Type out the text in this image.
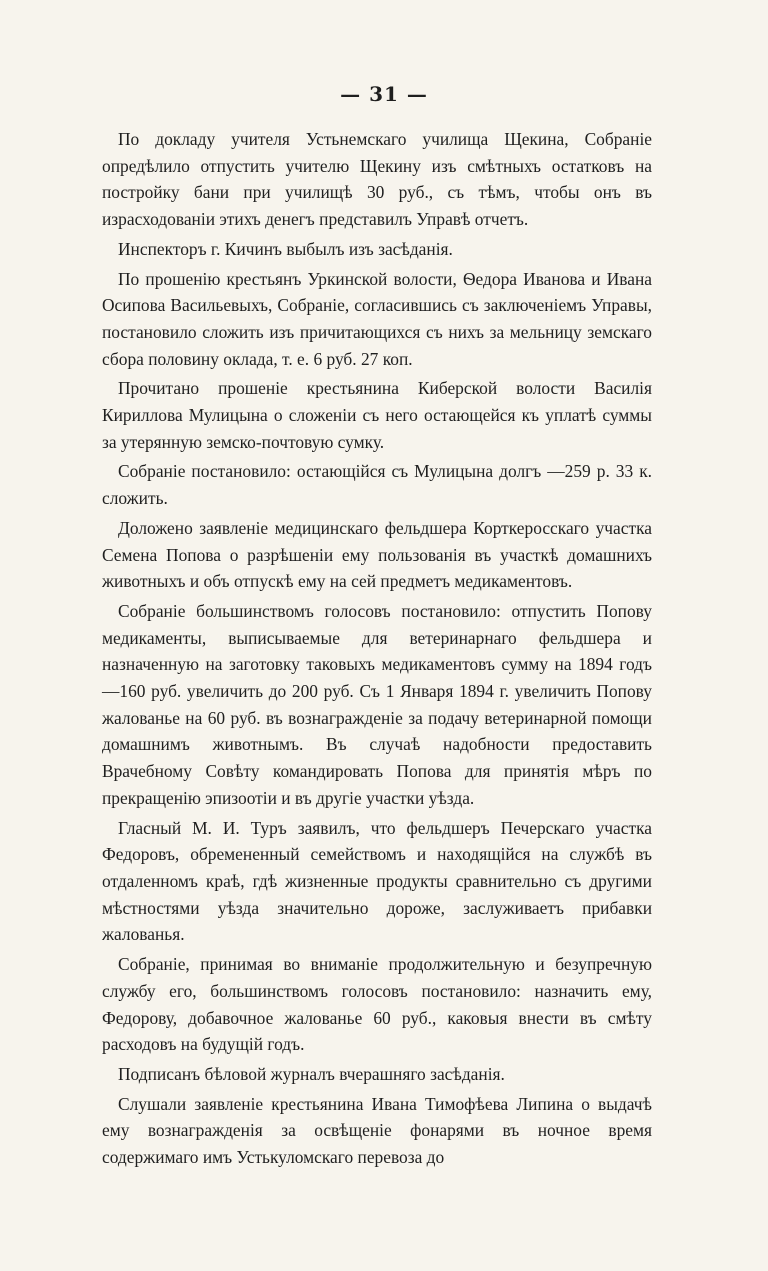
— 31 —

По докладу учителя Устьнемскаго училища Щекина, Собраніе опредѣлило отпустить учителю Щекину изъ смѣтныхъ остатковъ на постройку бани при училищѣ 30 руб., съ тѣмъ, чтобы онъ въ израсходованіи этихъ денегъ представилъ Управѣ отчетъ.

Инспекторъ г. Кичинъ выбылъ изъ засѣданія.

По прошенію крестьянъ Уркинской волости, Ѳедора Иванова и Ивана Осипова Васильевыхъ, Собраніе, согласившись съ заключеніемъ Управы, постановило сложить изъ причитающихся съ нихъ за мельницу земскаго сбора половину оклада, т. е. 6 руб. 27 коп.

Прочитано прошеніе крестьянина Киберской волости Василія Кириллова Мулицына о сложеніи съ него остающейся къ уплатѣ суммы за утерянную земско-почтовую сумку.

Собраніе постановило: остающійся съ Мулицына долгъ —259 р. 33 к. сложить.

Доложено заявленіе медицинскаго фельдшера Корткеросскаго участка Семена Попова о разрѣшеніи ему пользованія въ участкѣ домашнихъ животныхъ и объ отпускѣ ему на сей предметъ медикаментовъ.

Собраніе большинствомъ голосовъ постановило: отпустить Попову медикаменты, выписываемые для ветеринарнаго фельдшера и назначенную на заготовку таковыхъ медикаментовъ сумму на 1894 годъ—160 руб. увеличить до 200 руб. Съ 1 Января 1894 г. увеличить Попову жалованье на 60 руб. въ вознагражденіе за подачу ветеринарной помощи домашнимъ животнымъ. Въ случаѣ надобности предоставить Врачебному Совѣту командировать Попова для принятія мѣръ по прекращенію эпизоотіи и въ другіе участки уѣзда.

Гласный М. И. Туръ заявилъ, что фельдшеръ Печерскаго участка Федоровъ, обремененный семействомъ и находящійся на службѣ въ отдаленномъ краѣ, гдѣ жизненные продукты сравнительно съ другими мѣстностями уѣзда значительно дороже, заслуживаетъ прибавки жалованья.

Собраніе, принимая во вниманіе продолжительную и безупречную службу его, большинствомъ голосовъ постановило: назначить ему, Федорову, добавочное жалованье 60 руб., каковыя внести въ смѣту расходовъ на будущій годъ.

Подписанъ бѣловой журналъ вчерашняго засѣданія.

Слушали заявленіе крестьянина Ивана Тимофѣева Липина о выдачѣ ему вознагражденія за освѣщеніе фонарями въ ночное время содержимаго имъ Устькуломскаго перевоза до
